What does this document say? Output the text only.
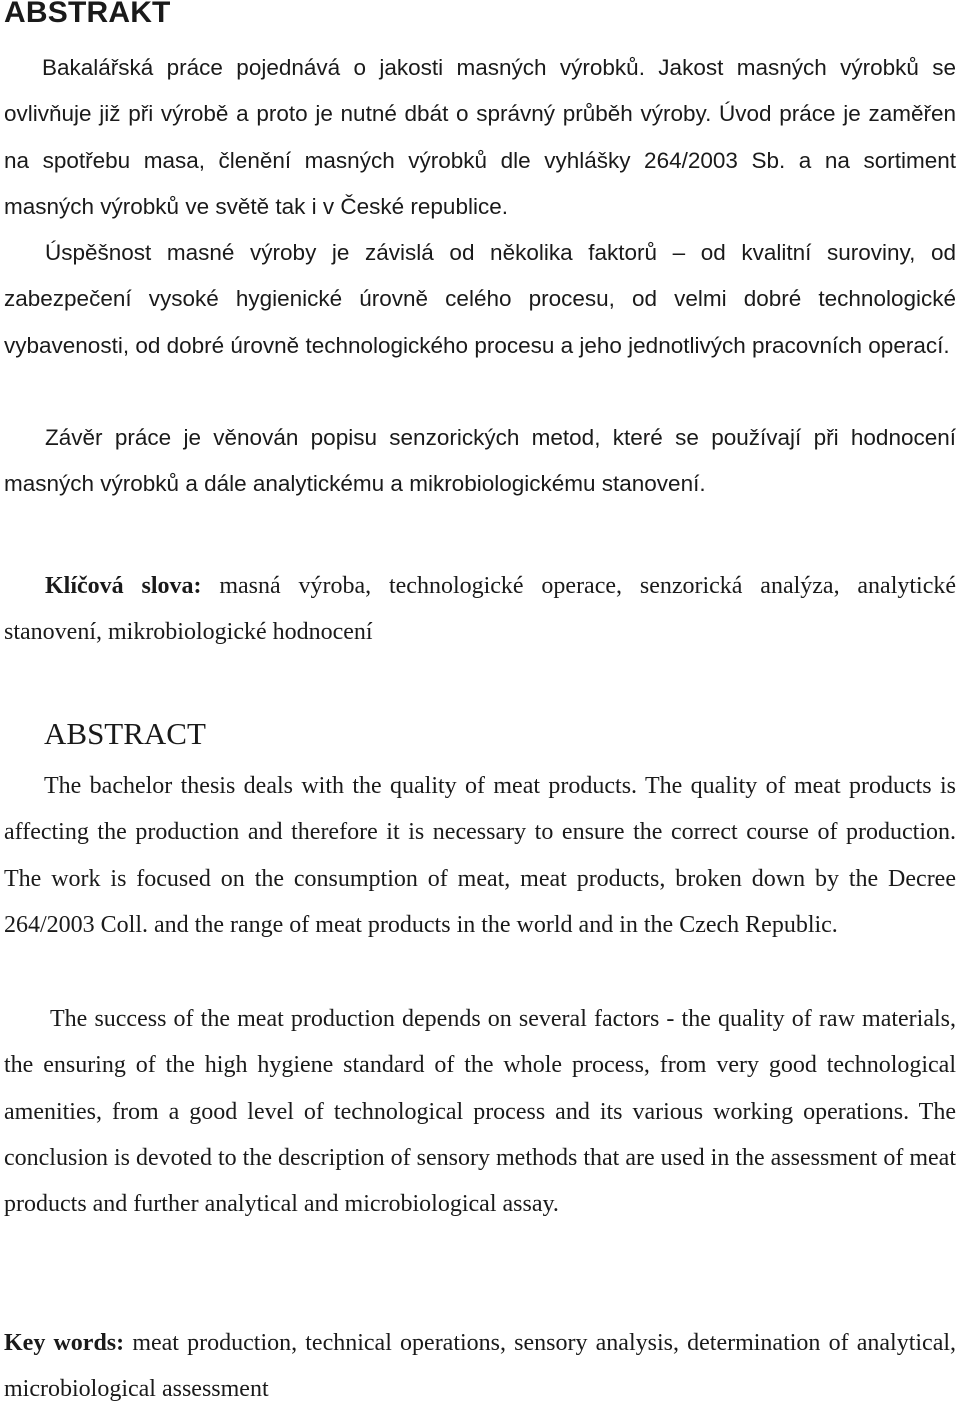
ABSTRAKT

Bakalářská práce pojednává o jakosti masných výrobků. Jakost masných výrobků se ovlivňuje již při výrobě a proto je nutné dbát o správný průběh výroby. Úvod práce je zaměřen na spotřebu masa, členění masných výrobků dle vyhlášky 264/2003 Sb. a na sortiment masných výrobků ve světě tak i v České republice.

Úspěšnost masné výroby je závislá od několika faktorů – od kvalitní suroviny, od zabezpečení vysoké hygienické úrovně celého procesu, od velmi dobré technologické vybavenosti, od dobré úrovně technologického procesu a jeho jednotlivých pracovních operací.

Závěr práce je věnován popisu senzorických metod, které se používají při hodnocení masných výrobků a dále analytickému a mikrobiologickému stanovení.

Klíčová slova: masná výroba, technologické operace, senzorická analýza, analytické stanovení, mikrobiologické hodnocení

ABSTRACT

The bachelor thesis deals with the quality of meat products. The quality of meat products is affecting the production and therefore it is necessary to ensure the correct course of production. The work is focused on the consumption of meat, meat products, broken down by the Decree 264/2003 Coll. and the range of meat products in the world and in the Czech Republic.

The success of the meat production depends on several factors - the quality of raw materials, the ensuring of the high hygiene standard of the whole process, from very good technological amenities, from a good level of technological process and its various working operations. The conclusion is devoted to the description of sensory methods that are used in the assessment of meat products and further analytical and microbiological assay.

Key words: meat production, technical operations, sensory analysis, determination of analytical, microbiological assessment
